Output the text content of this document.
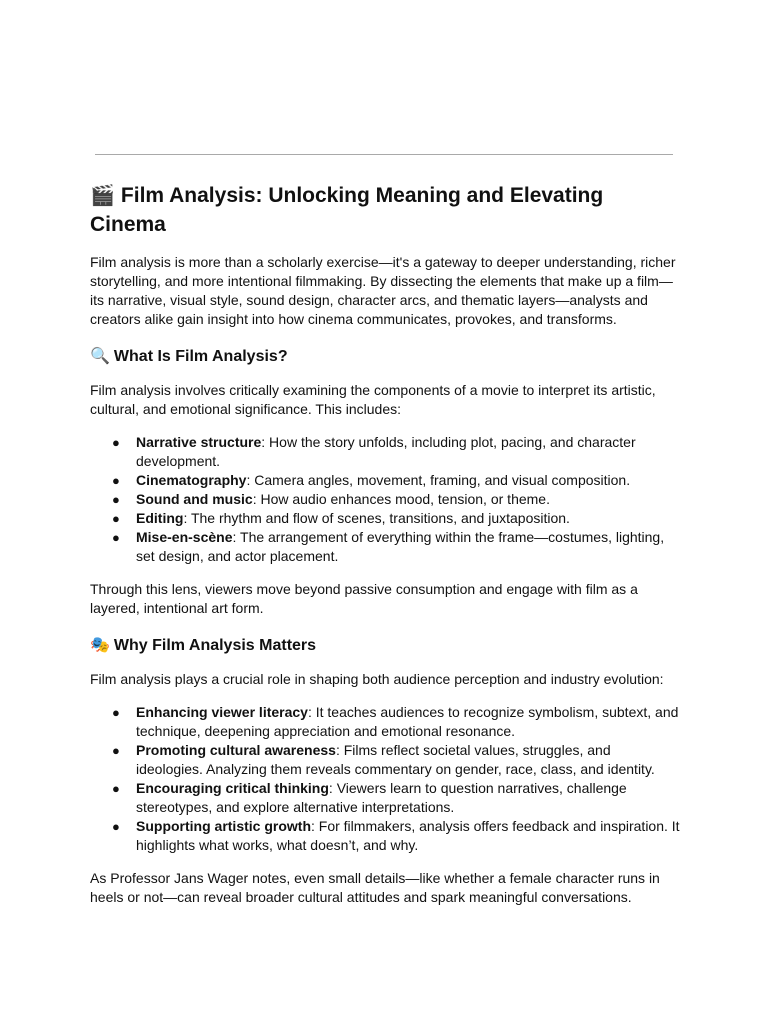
🎬 Film Analysis: Unlocking Meaning and Elevating Cinema

Film analysis is more than a scholarly exercise—it's a gateway to deeper understanding, richer storytelling, and more intentional filmmaking. By dissecting the elements that make up a film—its narrative, visual style, sound design, character arcs, and thematic layers—analysts and creators alike gain insight into how cinema communicates, provokes, and transforms.

🔍 What Is Film Analysis?

Film analysis involves critically examining the components of a movie to interpret its artistic, cultural, and emotional significance. This includes:

● Narrative structure: How the story unfolds, including plot, pacing, and character development.
● Cinematography: Camera angles, movement, framing, and visual composition.
● Sound and music: How audio enhances mood, tension, or theme.
● Editing: The rhythm and flow of scenes, transitions, and juxtaposition.
● Mise-en-scène: The arrangement of everything within the frame—costumes, lighting, set design, and actor placement.

Through this lens, viewers move beyond passive consumption and engage with film as a layered, intentional art form.

🎭 Why Film Analysis Matters

Film analysis plays a crucial role in shaping both audience perception and industry evolution:

● Enhancing viewer literacy: It teaches audiences to recognize symbolism, subtext, and technique, deepening appreciation and emotional resonance.
● Promoting cultural awareness: Films reflect societal values, struggles, and ideologies. Analyzing them reveals commentary on gender, race, class, and identity.
● Encouraging critical thinking: Viewers learn to question narratives, challenge stereotypes, and explore alternative interpretations.
● Supporting artistic growth: For filmmakers, analysis offers feedback and inspiration. It highlights what works, what doesn’t, and why.

As Professor Jans Wager notes, even small details—like whether a female character runs in heels or not—can reveal broader cultural attitudes and spark meaningful conversations.
